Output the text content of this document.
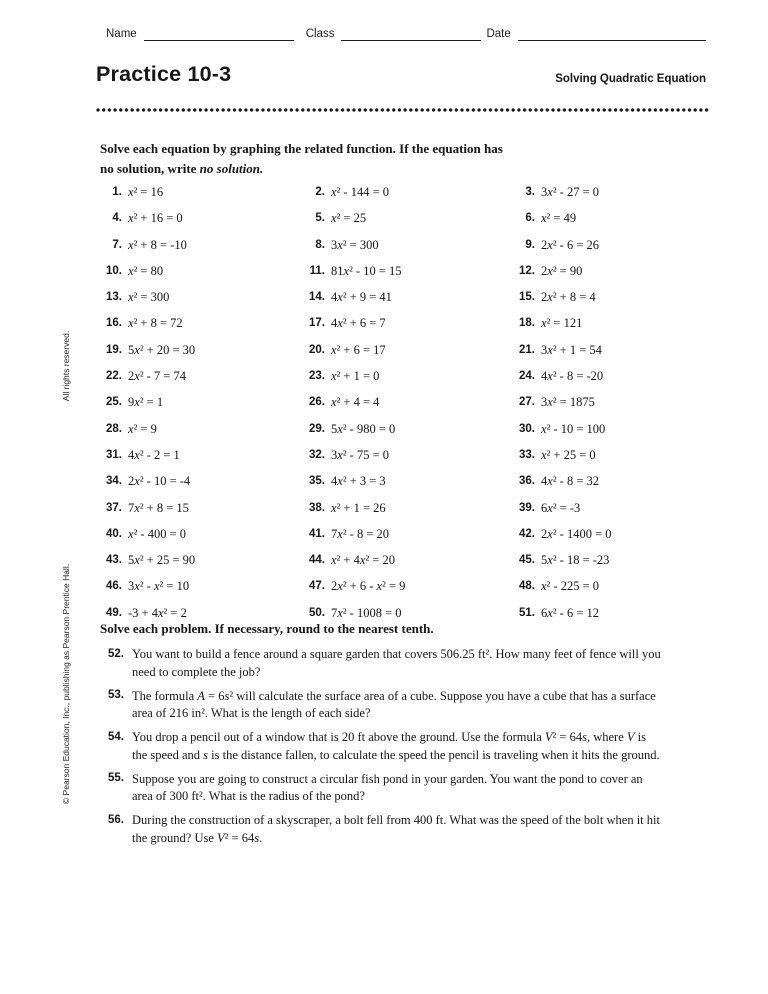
All rights reserved.
© Pearson Education, Inc., publishing as Pearson Prentice Hall.
Name	Class	Date
Practice 10-3	Solving Quadratic Equation
Solve each equation by graphing the related function. If the equation has
no solution, write no solution.
1. x² = 16	2. x² - 144 = 0	3. 3x² - 27 = 0
4. x² + 16 = 0	5. x² = 25	6. x² = 49
7. x² + 8 = -10	8. 3x² = 300	9. 2x² - 6 = 26
10. x² = 80	11. 81x² - 10 = 15	12. 2x² = 90
13. x² = 300	14. 4x² + 9 = 41	15. 2x² + 8 = 4
16. x² + 8 = 72	17. 4x² + 6 = 7	18. x² = 121
19. 5x² + 20 = 30	20. x² + 6 = 17	21. 3x² + 1 = 54
22. 2x² - 7 = 74	23. x² + 1 = 0	24. 4x² - 8 = -20
25. 9x² = 1	26. x² + 4 = 4	27. 3x² = 1875
28. x² = 9	29. 5x² - 980 = 0	30. x² - 10 = 100
31. 4x² - 2 = 1	32. 3x² - 75 = 0	33. x² + 25 = 0
34. 2x² - 10 = -4	35. 4x² + 3 = 3	36. 4x² - 8 = 32
37. 7x² + 8 = 15	38. x² + 1 = 26	39. 6x² = -3
40. x² - 400 = 0	41. 7x² - 8 = 20	42. 2x² - 1400 = 0
43. 5x² + 25 = 90	44. x² + 4x² = 20	45. 5x² - 18 = -23
46. 3x² - x² = 10	47. 2x² + 6 - x² = 9	48. x² - 225 = 0
49. -3 + 4x² = 2	50. 7x² - 1008 = 0	51. 6x² - 6 = 12
Solve each problem. If necessary, round to the nearest tenth.
52. You want to build a fence around a square garden that covers 506.25 ft². How many feet of fence will you need to complete the job?
53. The formula A = 6s² will calculate the surface area of a cube. Suppose you have a cube that has a surface area of 216 in². What is the length of each side?
54. You drop a pencil out of a window that is 20 ft above the ground. Use the formula V² = 64s, where V is the speed and s is the distance fallen, to calculate the speed the pencil is traveling when it hits the ground.
55. Suppose you are going to construct a circular fish pond in your garden. You want the pond to cover an area of 300 ft². What is the radius of the pond?
56. During the construction of a skyscraper, a bolt fell from 400 ft. What was the speed of the bolt when it hit the ground? Use V² = 64s.
